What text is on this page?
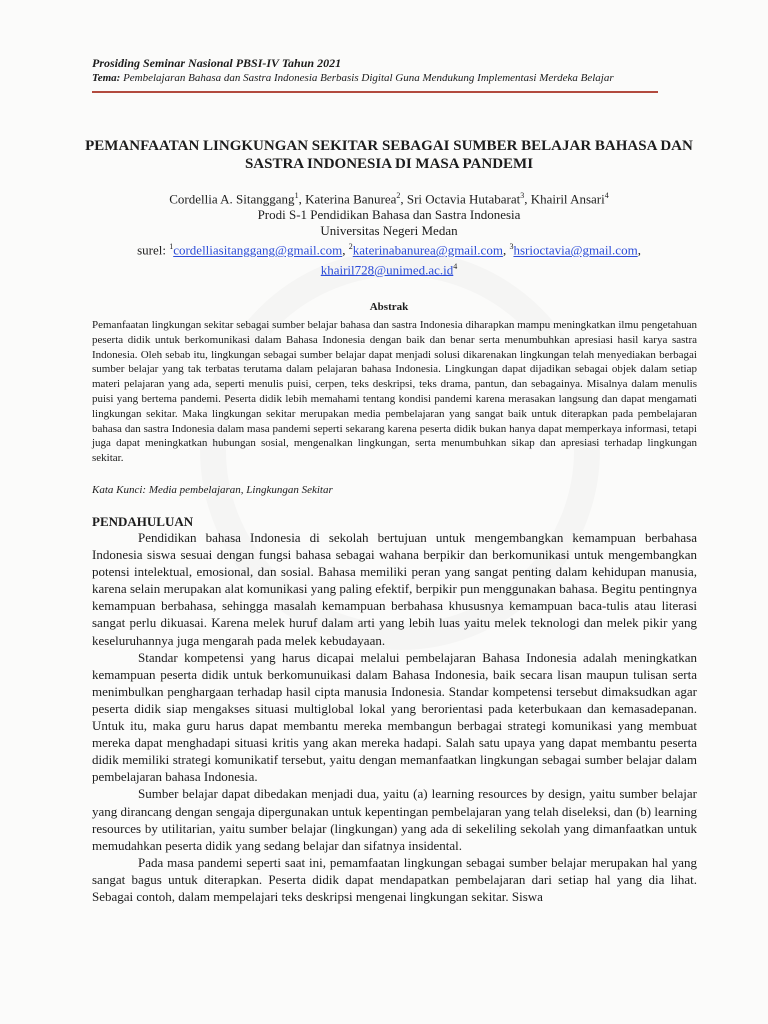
Prosiding Seminar Nasional PBSI-IV Tahun 2021
Tema: Pembelajaran Bahasa dan Sastra Indonesia Berbasis Digital Guna Mendukung Implementasi Merdeka Belajar
PEMANFAATAN LINGKUNGAN SEKITAR SEBAGAI SUMBER BELAJAR BAHASA DAN SASTRA INDONESIA DI MASA PANDEMI
Cordellia A. Sitanggang$^1$, Katerina Banurea$^2$, Sri Octavia Hutabarat$^3$, Khairil Ansari$^4$
Prodi S-1 Pendidikan Bahasa dan Sastra Indonesia
Universitas Negeri Medan
surel: $^1$cordelliasitanggang@gmail.com, $^2$katerinabanurea@gmail.com, $^3$hsrioctavia@gmail.com,
$khairil728@unimed.ac.id^4$
Abstrak

Pemanfaatan lingkungan sekitar sebagai sumber belajar bahasa dan sastra Indonesia diharapkan mampu meningkatkan ilmu pengetahuan peserta didik untuk berkomunikasi dalam Bahasa Indonesia dengan baik dan benar serta menumbuhkan apresiasi hasil karya sastra Indonesia. Oleh sebab itu, lingkungan sebagai sumber belajar dapat menjadi solusi dikarenakan lingkungan telah menyediakan berbagai sumber belajar yang tak terbatas terutama dalam pelajaran bahasa Indonesia. Lingkungan dapat dijadikan sebagai objek dalam setiap materi pelajaran yang ada, seperti menulis puisi, cerpen, teks deskripsi, teks drama, pantun, dan sebagainya. Misalnya dalam menulis puisi yang bertema pandemi. Peserta didik lebih memahami tentang kondisi pandemi karena merasakan langsung dan dapat mengamati lingkungan sekitar. Maka lingkungan sekitar merupakan media pembelajaran yang sangat baik untuk diterapkan pada pembelajaran bahasa dan sastra Indonesia dalam masa pandemi seperti sekarang karena peserta didik bukan hanya dapat memperkaya informasi, tetapi juga dapat meningkatkan hubungan sosial, mengenalkan lingkungan, serta menumbuhkan sikap dan apresiasi terhadap lingkungan sekitar.

Kata Kunci: Media pembelajaran, Lingkungan Sekitar
PENDAHULUAN

Pendidikan bahasa Indonesia di sekolah bertujuan untuk mengembangkan kemampuan berbahasa Indonesia siswa sesuai dengan fungsi bahasa sebagai wahana berpikir dan berkomunikasi untuk mengembangkan potensi intelektual, emosional, dan sosial. Bahasa memiliki peran yang sangat penting dalam kehidupan manusia, karena selain merupakan alat komunikasi yang paling efektif, berpikir pun menggunakan bahasa. Begitu pentingnya kemampuan berbahasa, sehingga masalah kemampuan berbahasa khususnya kemampuan baca-tulis atau literasi sangat perlu dikuasai. Karena melek huruf dalam arti yang lebih luas yaitu melek teknologi dan melek pikir yang keseluruhannya juga mengarah pada melek kebudayaan.

Standar kompetensi yang harus dicapai melalui pembelajaran Bahasa Indonesia adalah meningkatkan kemampuan peserta didik untuk berkomunuikasi dalam Bahasa Indonesia, baik secara lisan maupun tulisan serta menimbulkan penghargaan terhadap hasil cipta manusia Indonesia. Standar kompetensi tersebut dimaksudkan agar peserta didik siap mengakses situasi multiglobal lokal yang berorientasi pada keterbukaan dan kemasadepanan. Untuk itu, maka guru harus dapat membantu mereka membangun berbagai strategi komunikasi yang membuat mereka dapat menghadapi situasi kritis yang akan mereka hadapi. Salah satu upaya yang dapat membantu peserta didik memiliki strategi komunikatif tersebut, yaitu dengan memanfaatkan lingkungan sebagai sumber belajar dalam pembelajaran bahasa Indonesia.

Sumber belajar dapat dibedakan menjadi dua, yaitu (a) learning resources by design, yaitu sumber belajar yang dirancang dengan sengaja dipergunakan untuk kepentingan pembelajaran yang telah diseleksi, dan (b) learning resources by utilitarian, yaitu sumber belajar (lingkungan) yang ada di sekeliling sekolah yang dimanfaatkan untuk memudahkan peserta didik yang sedang belajar dan sifatnya insidental.

Pada masa pandemi seperti saat ini, pemamfaatan lingkungan sebagai sumber belajar merupakan hal yang sangat bagus untuk diterapkan. Peserta didik dapat mendapatkan pembelajaran dari setiap hal yang dia lihat. Sebagai contoh, dalam mempelajari teks deskripsi mengenai lingkungan sekitar. Siswa
